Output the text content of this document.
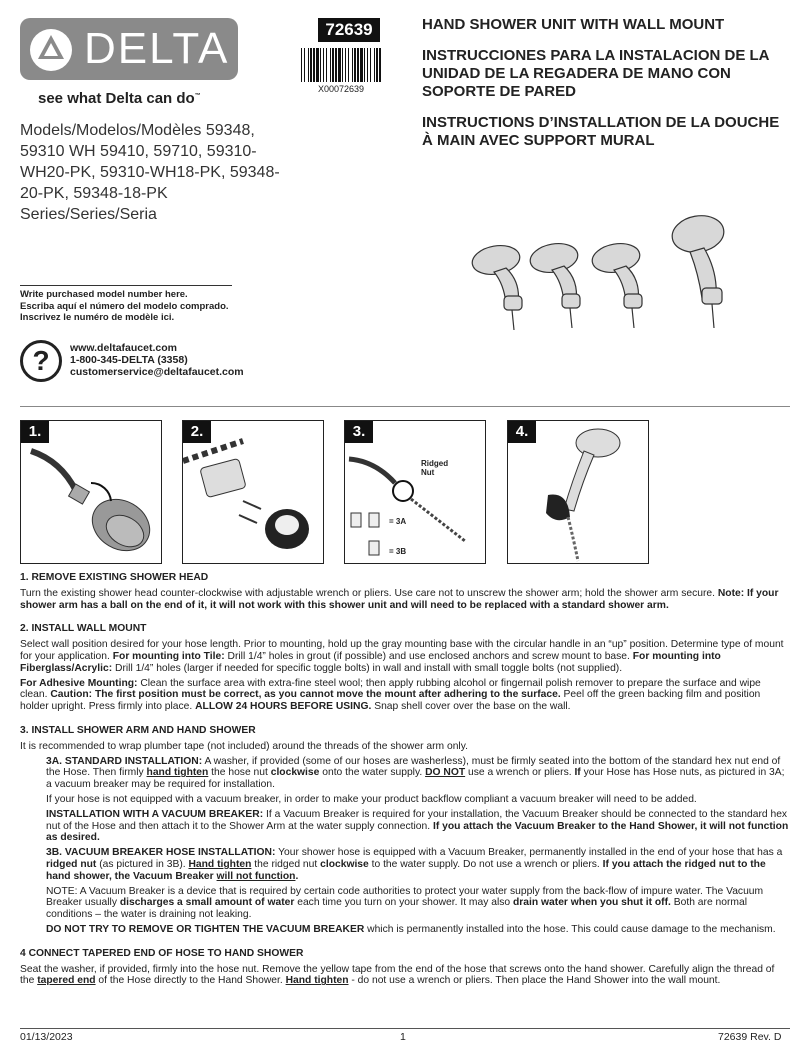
DELTA
see what Delta can do™
72639
X00072639

HAND SHOWER UNIT WITH WALL MOUNT

INSTRUCCIONES PARA LA INSTALACION DE LA UNIDAD DE LA REGADERA DE MANO CON SOPORTE DE PARED

INSTRUCTIONS D’INSTALLATION DE LA DOUCHE À MAIN AVEC SUPPORT MURAL

Models/Modelos/Modèles 59348, 59310 WH 59410, 59710, 59310-WH20-PK, 59310-WH18-PK, 59348-20-PK, 59348-18-PK Series/Series/Seria
Write purchased model number here.
Escriba aquí el número del modelo comprado.
Inscrivez le numéro de modèle ici.
?	www.deltafaucet.com
1-800-345-DELTA (3358)
customerservice@deltafaucet.com
1.	2.	3.
Ridged Nut
= 3A
= 3B
4.
1. REMOVE EXISTING SHOWER HEAD

Turn the existing shower head counter-clockwise with adjustable wrench or pliers. Use care not to unscrew the shower arm; hold the shower arm secure. Note: If your shower arm has a ball on the end of it, it will not work with this shower unit and will need to be replaced with a standard shower arm.

2. INSTALL WALL MOUNT

Select wall position desired for your hose length. Prior to mounting, hold up the gray mounting base with the circular handle in an “up” position. Determine type of mount for your application. For mounting into Tile: Drill 1/4” holes in grout (if possible) and use enclosed anchors and screw mount to base. For mounting into Fiberglass/Acrylic: Drill 1/4” holes (larger if needed for specific toggle bolts) in wall and install with small toggle bolts (not supplied).

For Adhesive Mounting: Clean the surface area with extra-fine steel wool; then apply rubbing alcohol or fingernail polish remover to prepare the surface and wipe clean. Caution: The first position must be correct, as you cannot move the mount after adhering to the surface. Peel off the green backing film and position holder upright. Press firmly into place. ALLOW 24 HOURS BEFORE USING. Snap shell cover over the base on the wall.

3. INSTALL SHOWER ARM AND HAND SHOWER

It is recommended to wrap plumber tape (not included) around the threads of the shower arm only.

3A. STANDARD INSTALLATION: A washer, if provided (some of our hoses are washerless), must be firmly seated into the bottom of the standard hex nut end of the Hose. Then firmly hand tighten the hose nut clockwise onto the water supply. DO NOT use a wrench or pliers. If your Hose has Hose nuts, as pictured in 3A; a vacuum breaker may be required for installation.

If your hose is not equipped with a vacuum breaker, in order to make your product backflow compliant a vacuum breaker will need to be added.

INSTALLATION WITH A VACUUM BREAKER: If a Vacuum Breaker is required for your installation, the Vacuum Breaker should be connected to the standard hex nut of the Hose and then attach it to the Shower Arm at the water supply connection. If you attach the Vacuum Breaker to the Hand Shower, it will not function as desired.

3B. VACUUM BREAKER HOSE INSTALLATION: Your shower hose is equipped with a Vacuum Breaker, permanently installed in the end of your hose that has a ridged nut (as pictured in 3B). Hand tighten the ridged nut clockwise to the water supply. Do not use a wrench or pliers. If you attach the ridged nut to the hand shower, the Vacuum Breaker will not function.

NOTE: A Vacuum Breaker is a device that is required by certain code authorities to protect your water supply from the back-flow of impure water. The Vacuum Breaker usually discharges a small amount of water each time you turn on your shower. It may also drain water when you shut it off. Both are normal conditions – the water is draining not leaking.

DO NOT TRY TO REMOVE OR TIGHTEN THE VACUUM BREAKER which is permanently installed into the hose. This could cause damage to the mechanism.

4 CONNECT TAPERED END OF HOSE TO HAND SHOWER

Seat the washer, if provided, firmly into the hose nut. Remove the yellow tape from the end of the hose that screws onto the hand shower. Carefully align the thread of the tapered end of the Hose directly to the Hand Shower. Hand tighten - do not use a wrench or pliers. Then place the Hand Shower into the wall mount.

01/13/2023	1	72639 Rev. D
